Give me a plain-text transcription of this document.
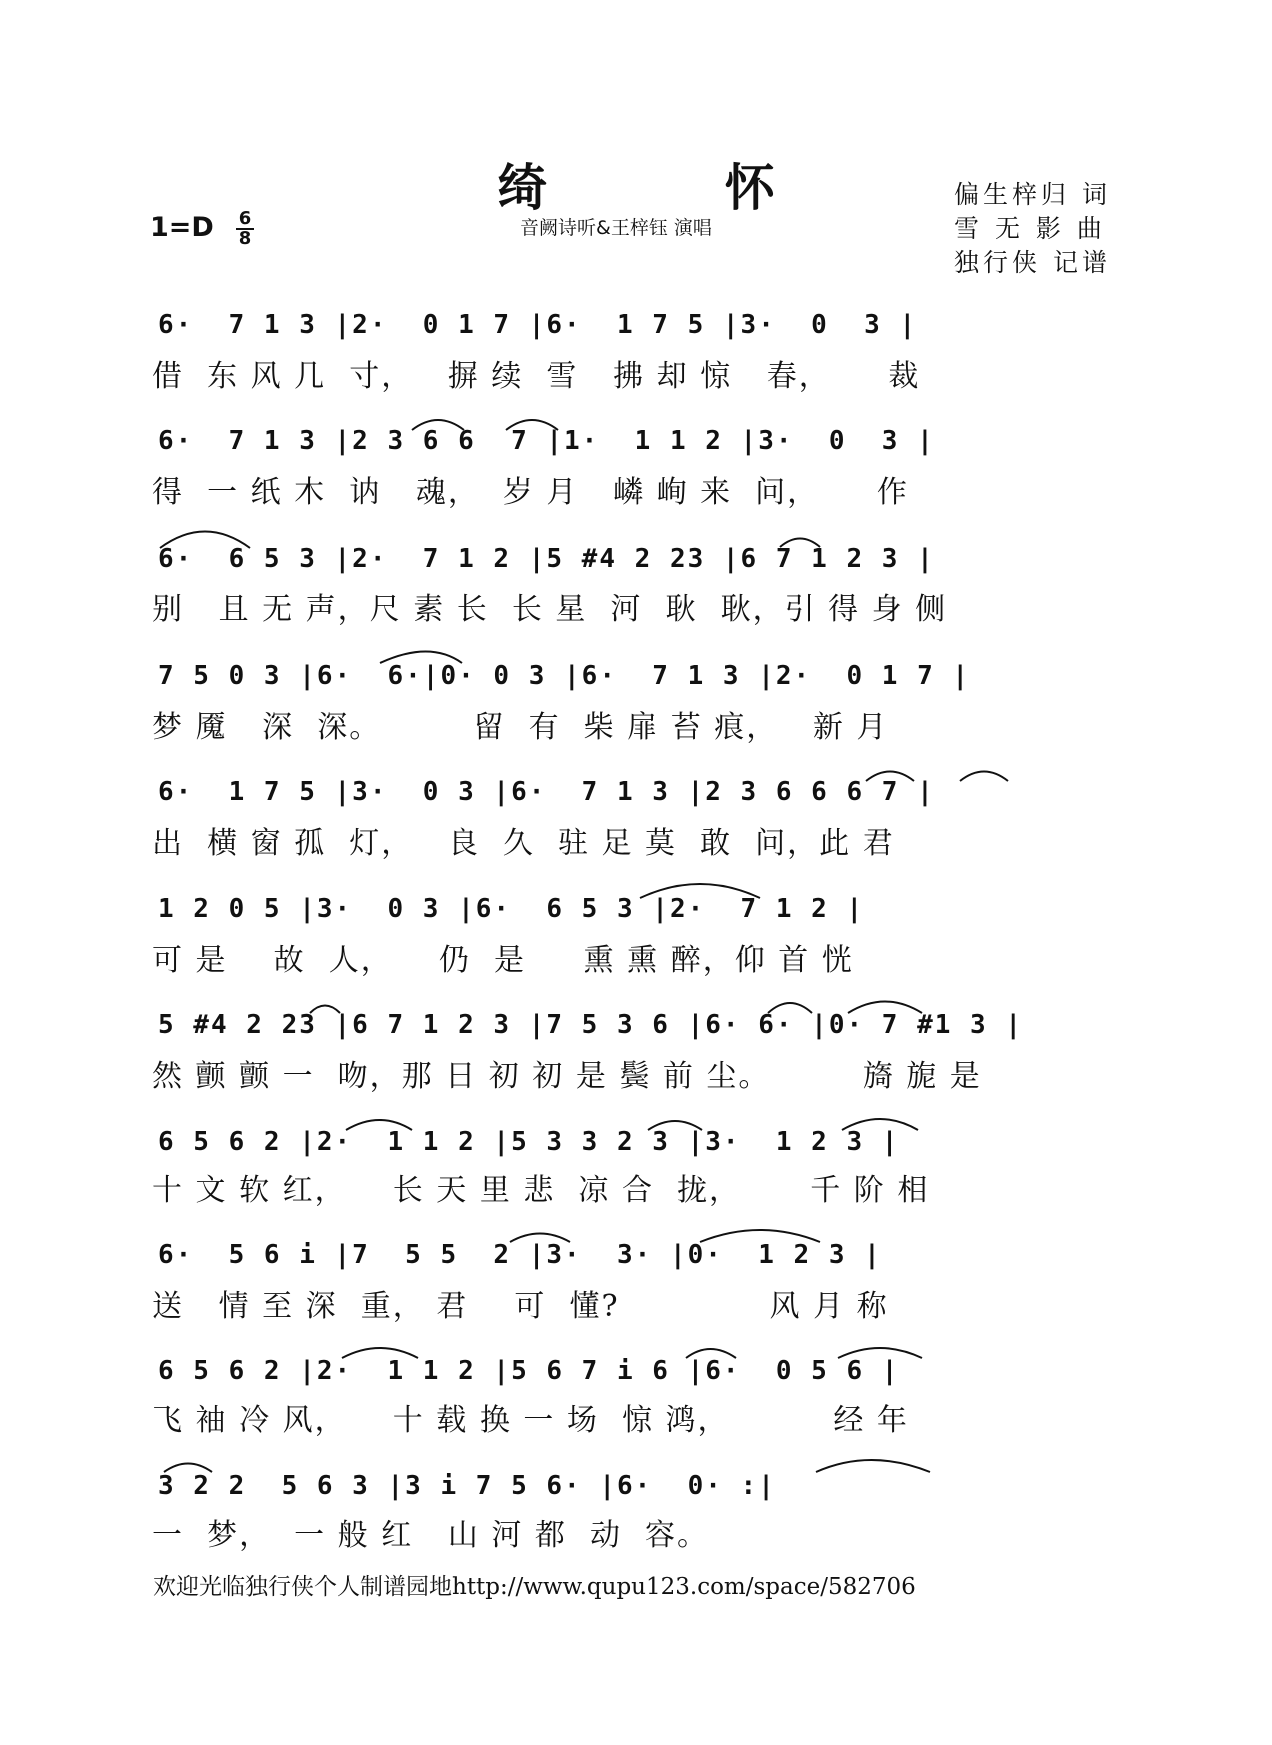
绮 怀
音阙诗听&王梓钰 演唱
$1=D \frac{6}{8}$
偏生梓归 词
雪 无 影 曲
独行侠 记谱
6·  7 1 3 |2·  0 1 7 |6·  1 7 5 |3·  0  3 |
借  东 风 几  寸，   摒 续  雪   拂 却 惊   春，     裁
6·  7 1 3 |2 3 6 6  7 |1·  1 1 2 |3·  0  3 |
得  一 纸 木  讷   魂，  岁 月   嶙 峋 来  问，     作
6·  6 5 3 |2·  7 1 2 |5 #4 2 23 |6 7 1 2 3 |
别   且 无 声，尺 素 长  长 星  河  耿  耿，引 得 身 侧
7 5 0 3 |6·  6·|0· 0 3 |6·  7 1 3 |2·  0 1 7 |
梦 魇   深  深。        留  有  柴 扉 苔 痕，   新 月
6·  1 7 5 |3·  0 3 |6·  7 1 3 |2 3 6 6 6 7 |
出  横 窗 孤  灯，   良  久  驻 足 莫  敢  问，此 君
1 2 0 5 |3·  0 3 |6·  6 5 3 |2·  7 1 2 |
可 是    故  人，    仍  是     熏 熏 醉，仰 首 恍
5 #4 2 23 |6 7 1 2 3 |7 5 3 6 |6· 6· |0· 7 #1 3 |
然 颤 颤 一  吻，那 日 初 初 是 鬓 前 尘。        旖 旎 是
6 5 6 2 |2·  1 1 2 |5 3 3 2 3 |3·  1 2 3 |
十 文 软 红，    长 天 里 悲  凉 合  拢，      千 阶 相
6·  5 6 i |7  5 5  2 |3·  3· |0·  1 2 3 |
送   情 至 深  重， 君    可  懂?             风 月 称
6 5 6 2 |2·  1 1 2 |5 6 7 i 6 |6·  0 5 6 |
飞 袖 冷 风，    十 载 换 一 场  惊 鸿，         经 年
3 2 2  5 6 3 |3 i 7 5 6· |6·  0· :|
一  梦，  一 般 红   山 河 都  动  容。
欢迎光临独行侠个人制谱园地http://www.qupu123.com/space/582706
